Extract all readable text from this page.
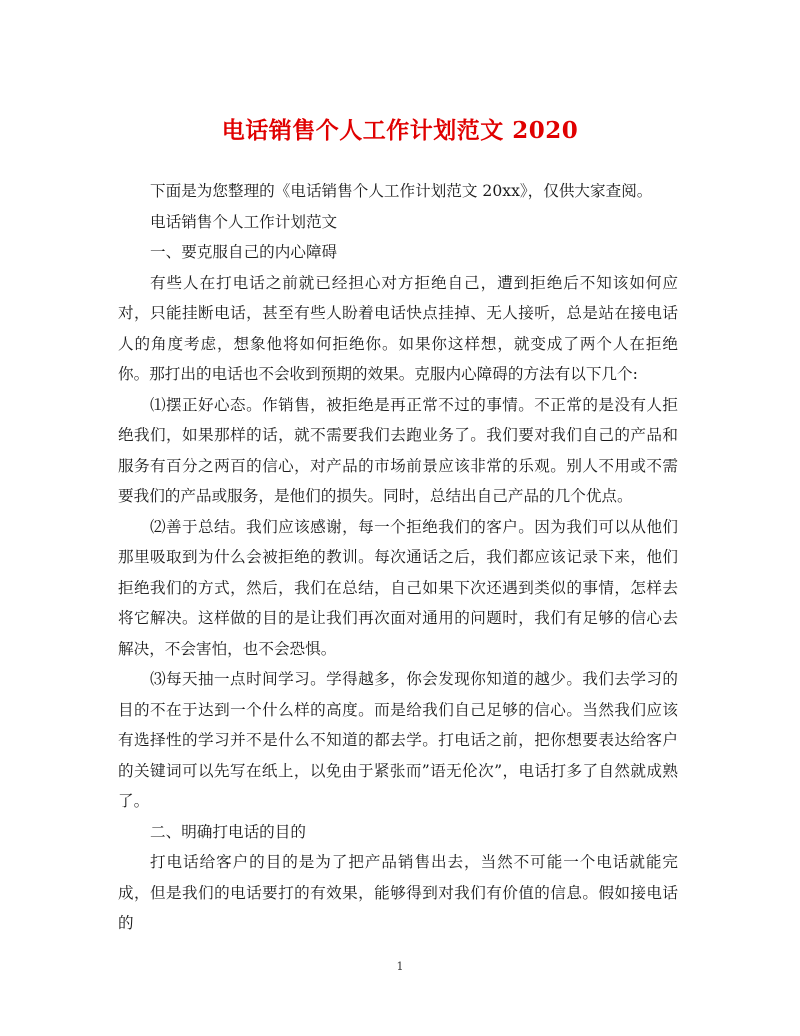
电话销售个人工作计划范文 2020

下面是为您整理的《电话销售个人工作计划范文 20xx》，仅供大家查阅。

电话销售个人工作计划范文

一、要克服自己的内心障碍

有些人在打电话之前就已经担心对方拒绝自己，遭到拒绝后不知该如何应对，只能挂断电话，甚至有些人盼着电话快点挂掉、无人接听，总是站在接电话人的角度考虑，想象他将如何拒绝你。如果你这样想，就变成了两个人在拒绝你。那打出的电话也不会收到预期的效果。克服内心障碍的方法有以下几个:

⑴摆正好心态。作销售，被拒绝是再正常不过的事情。不正常的是没有人拒绝我们，如果那样的话，就不需要我们去跑业务了。我们要对我们自己的产品和服务有百分之两百的信心，对产品的市场前景应该非常的乐观。别人不用或不需要我们的产品或服务，是他们的损失。同时，总结出自己产品的几个优点。

⑵善于总结。我们应该感谢，每一个拒绝我们的客户。因为我们可以从他们那里吸取到为什么会被拒绝的教训。每次通话之后，我们都应该记录下来，他们拒绝我们的方式，然后，我们在总结，自己如果下次还遇到类似的事情，怎样去将它解决。这样做的目的是让我们再次面对通用的问题时，我们有足够的信心去解决，不会害怕，也不会恐惧。

⑶每天抽一点时间学习。学得越多，你会发现你知道的越少。我们去学习的目的不在于达到一个什么样的高度。而是给我们自己足够的信心。当然我们应该有选择性的学习并不是什么不知道的都去学。打电话之前，把你想要表达给客户的关键词可以先写在纸上，以免由于紧张而”语无伦次”，电话打多了自然就成熟了。

二、明确打电话的目的

打电话给客户的目的是为了把产品销售出去，当然不可能一个电话就能完成，但是我们的电话要打的有效果，能够得到对我们有价值的信息。假如接电话的

1
